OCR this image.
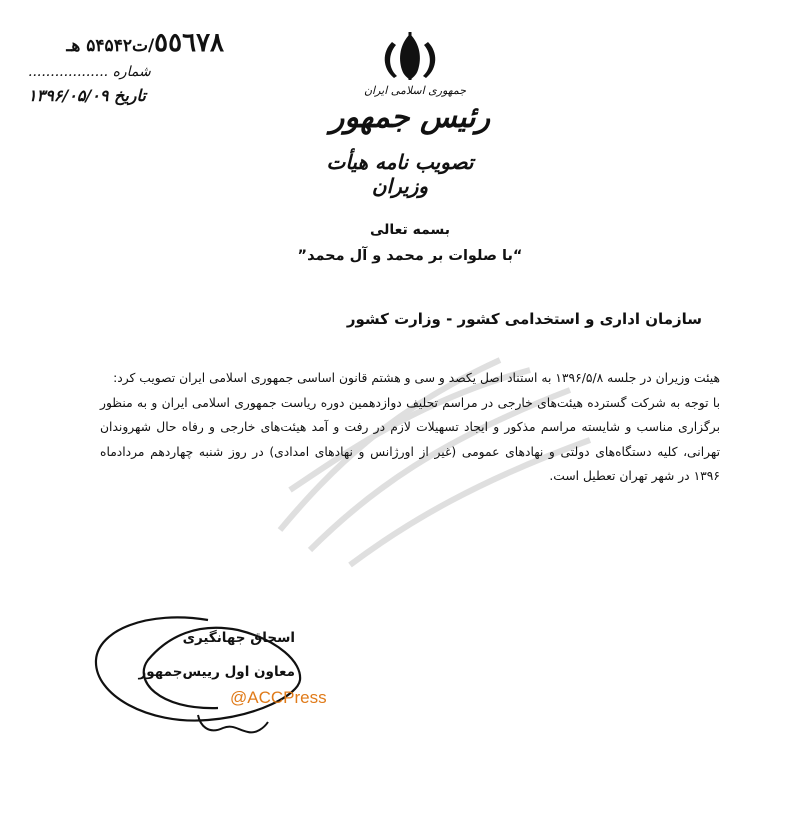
٥٥٦٧٨
/ت۵۴۵۴۲ هـ
شماره ..................
تاریخ ۱۳۹۶/۰۵/۰۹	جمهوری اسلامی ایران
رئیس جمهور
تصویب نامه هیأت وزیران
بسمه تعالی
“با صلوات بر محمد و آل محمد”
سازمان اداری و استخدامی کشور - وزارت کشور

هیئت وزیران در جلسه ۱۳۹۶/۵/۸ به استناد اصل یکصد و سی و هشتم قانون اساسی جمهوری اسلامی ایران تصویب کرد:

با توجه به شرکت گسترده هیئت‌های خارجی در مراسم تحلیف دوازدهمین دوره ریاست جمهوری اسلامی ایران و به منظور برگزاری مناسب و شایسته مراسم مذکور و ایجاد تسهیلات لازم در رفت و آمد هیئت‌های خارجی و رفاه حال شهروندان تهرانی، کلیه دستگاه‌های دولتی و نهادهای عمومی (غیر از اورژانس و نهادهای امدادی) در روز شنبه چهاردهم مردادماه ۱۳۹۶ در شهر تهران تعطیل است.

اسحاق جهانگیری
معاون اول رییس‌جمهور
@ACCPress
